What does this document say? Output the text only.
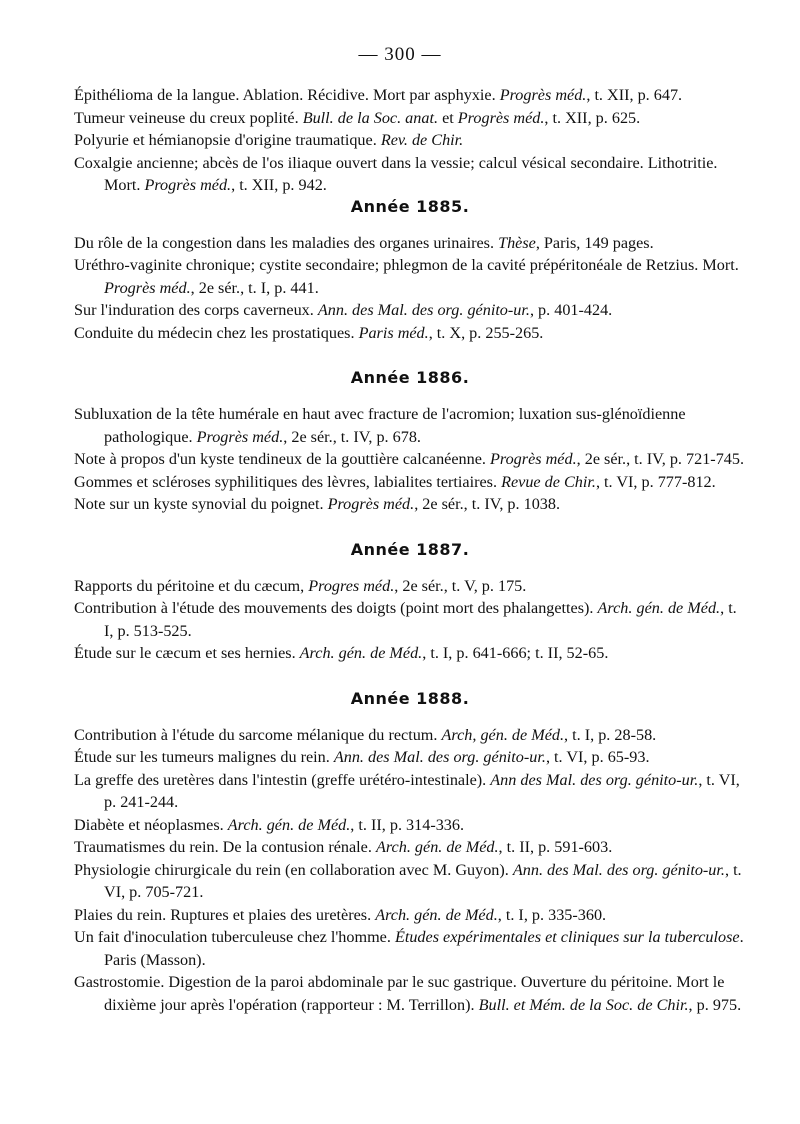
— 300 —

Épithélioma de la langue. Ablation. Récidive. Mort par asphyxie. Progrès méd., t. XII, p. 647.

Tumeur veineuse du creux poplité. Bull. de la Soc. anat. et Progrès méd., t. XII, p. 625.

Polyurie et hémianopsie d'origine traumatique. Rev. de Chir.

Coxalgie ancienne; abcès de l'os iliaque ouvert dans la vessie; calcul vésical secondaire. Lithotritie. Mort. Progrès méd., t. XII, p. 942.

Année 1885.

Du rôle de la congestion dans les maladies des organes urinaires. Thèse, Paris, 149 pages.

Uréthro-vaginite chronique; cystite secondaire; phlegmon de la cavité prépéritonéale de Retzius. Mort. Progrès méd., 2e sér., t. I, p. 441.

Sur l'induration des corps caverneux. Ann. des Mal. des org. génito-ur., p. 401-424.

Conduite du médecin chez les prostatiques. Paris méd., t. X, p. 255-265.

Année 1886.

Subluxation de la tête humérale en haut avec fracture de l'acromion; luxation sus-glénoïdienne pathologique. Progrès méd., 2e sér., t. IV, p. 678.

Note à propos d'un kyste tendineux de la gouttière calcanéenne. Progrès méd., 2e sér., t. IV, p. 721-745.

Gommes et scléroses syphilitiques des lèvres, labialites tertiaires. Revue de Chir., t. VI, p. 777-812.

Note sur un kyste synovial du poignet. Progrès méd., 2e sér., t. IV, p. 1038.

Année 1887.

Rapports du péritoine et du cæcum, Progres méd., 2e sér., t. V, p. 175.

Contribution à l'étude des mouvements des doigts (point mort des phalangettes). Arch. gén. de Méd., t. I, p. 513-525.

Étude sur le cæcum et ses hernies. Arch. gén. de Méd., t. I, p. 641-666; t. II, 52-65.

Année 1888.

Contribution à l'étude du sarcome mélanique du rectum. Arch, gén. de Méd., t. I, p. 28-58.

Étude sur les tumeurs malignes du rein. Ann. des Mal. des org. génito-ur., t. VI, p. 65-93.

La greffe des uretères dans l'intestin (greffe urétéro-intestinale). Ann des Mal. des org. génito-ur., t. VI, p. 241-244.

Diabète et néoplasmes. Arch. gén. de Méd., t. II, p. 314-336.

Traumatismes du rein. De la contusion rénale. Arch. gén. de Méd., t. II, p. 591-603.

Physiologie chirurgicale du rein (en collaboration avec M. Guyon). Ann. des Mal. des org. génito-ur., t. VI, p. 705-721.

Plaies du rein. Ruptures et plaies des uretères. Arch. gén. de Méd., t. I, p. 335-360.

Un fait d'inoculation tuberculeuse chez l'homme. Études expérimentales et cliniques sur la tuberculose. Paris (Masson).

Gastrostomie. Digestion de la paroi abdominale par le suc gastrique. Ouverture du péritoine. Mort le dixième jour après l'opération (rapporteur : M. Terrillon). Bull. et Mém. de la Soc. de Chir., p. 975.
